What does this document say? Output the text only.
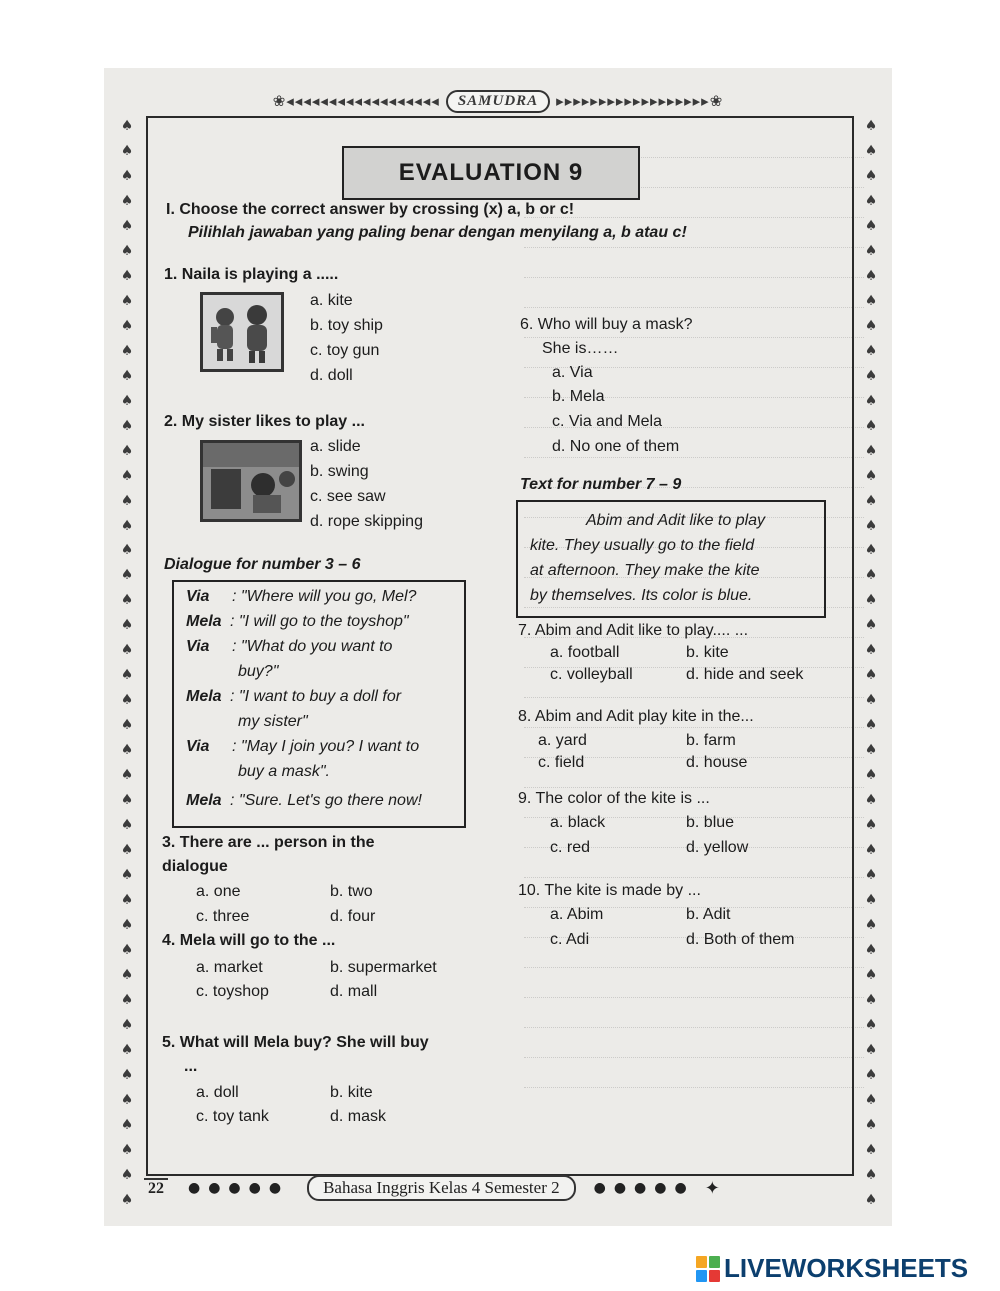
❀◂◂◂◂◂◂◂◂◂◂◂◂◂◂◂◂◂◂	SAMUDRA	▸▸▸▸▸▸▸▸▸▸▸▸▸▸▸▸▸▸❀
♠
♠
♠
♠
♠
♠
♠
♠
♠
♠
♠
♠
♠
♠
♠
♠
♠
♠
♠
♠
♠
♠
♠
♠
♠
♠
♠
♠
♠
♠
♠
♠
♠
♠
♠
♠
♠
♠
♠
♠
♠
♠
♠
♠
♠
♠
♠
♠
♠
♠
♠
♠
♠
♠
♠
♠
♠
♠
♠
♠
♠
♠
♠
♠
♠
♠
♠
♠
♠
♠
♠
♠
♠
♠
♠
♠
♠
♠
♠
♠
♠
♠
♠
♠
♠
♠
♠
♠
EVALUATION 9
I. Choose the correct answer by crossing (x) a, b or c!
Pilihlah jawaban yang paling benar dengan menyilang a, b atau c!
1. Naila is playing a .....
a. kite
b. toy ship
c. toy gun
d. doll
2. My sister likes to play ...
a. slide
b. swing
c. see saw
d. rope skipping
Dialogue for number 3 – 6
Via : "Where will you go, Mel?
Mela : "I will go to the toyshop"
Via : "What do you want to
buy?"
Mela : "I want to buy a doll for
my sister"
Via : "May I join you? I want to
buy a mask".
Mela : "Sure. Let's go there now!
3. There are ... person in the
dialogue
a. one	b. two
c. three	d. four
4. Mela will go to the ...
a. market	b. supermarket
c. toyshop	d. mall
5. What will Mela buy? She will buy
...
a. doll	b. kite
c. toy tank	d. mask
6. Who will buy a mask?
She is……
a. Via
b. Mela
c. Via and Mela
d. No one of them
Text for number 7 – 9
Abim and Adit like to play
kite. They usually go to the field
at afternoon. They make the kite
by themselves. Its color is blue.
7. Abim and Adit like to play.... ...
a. football	b. kite
c. volleyball	d. hide and seek
8. Abim and Adit play kite in the...
a. yard	b. farm
c. field	d. house
9. The color of the kite is ...
a. black	b. blue
c. red	d. yellow
10. The kite is made by ...
a. Abim	b. Adit
c. Adi	d. Both of them
22 ●●●●●	Bahasa Inggris Kelas 4 Semester 2	●●●●● ✦
LIVEWORKSHEETS
